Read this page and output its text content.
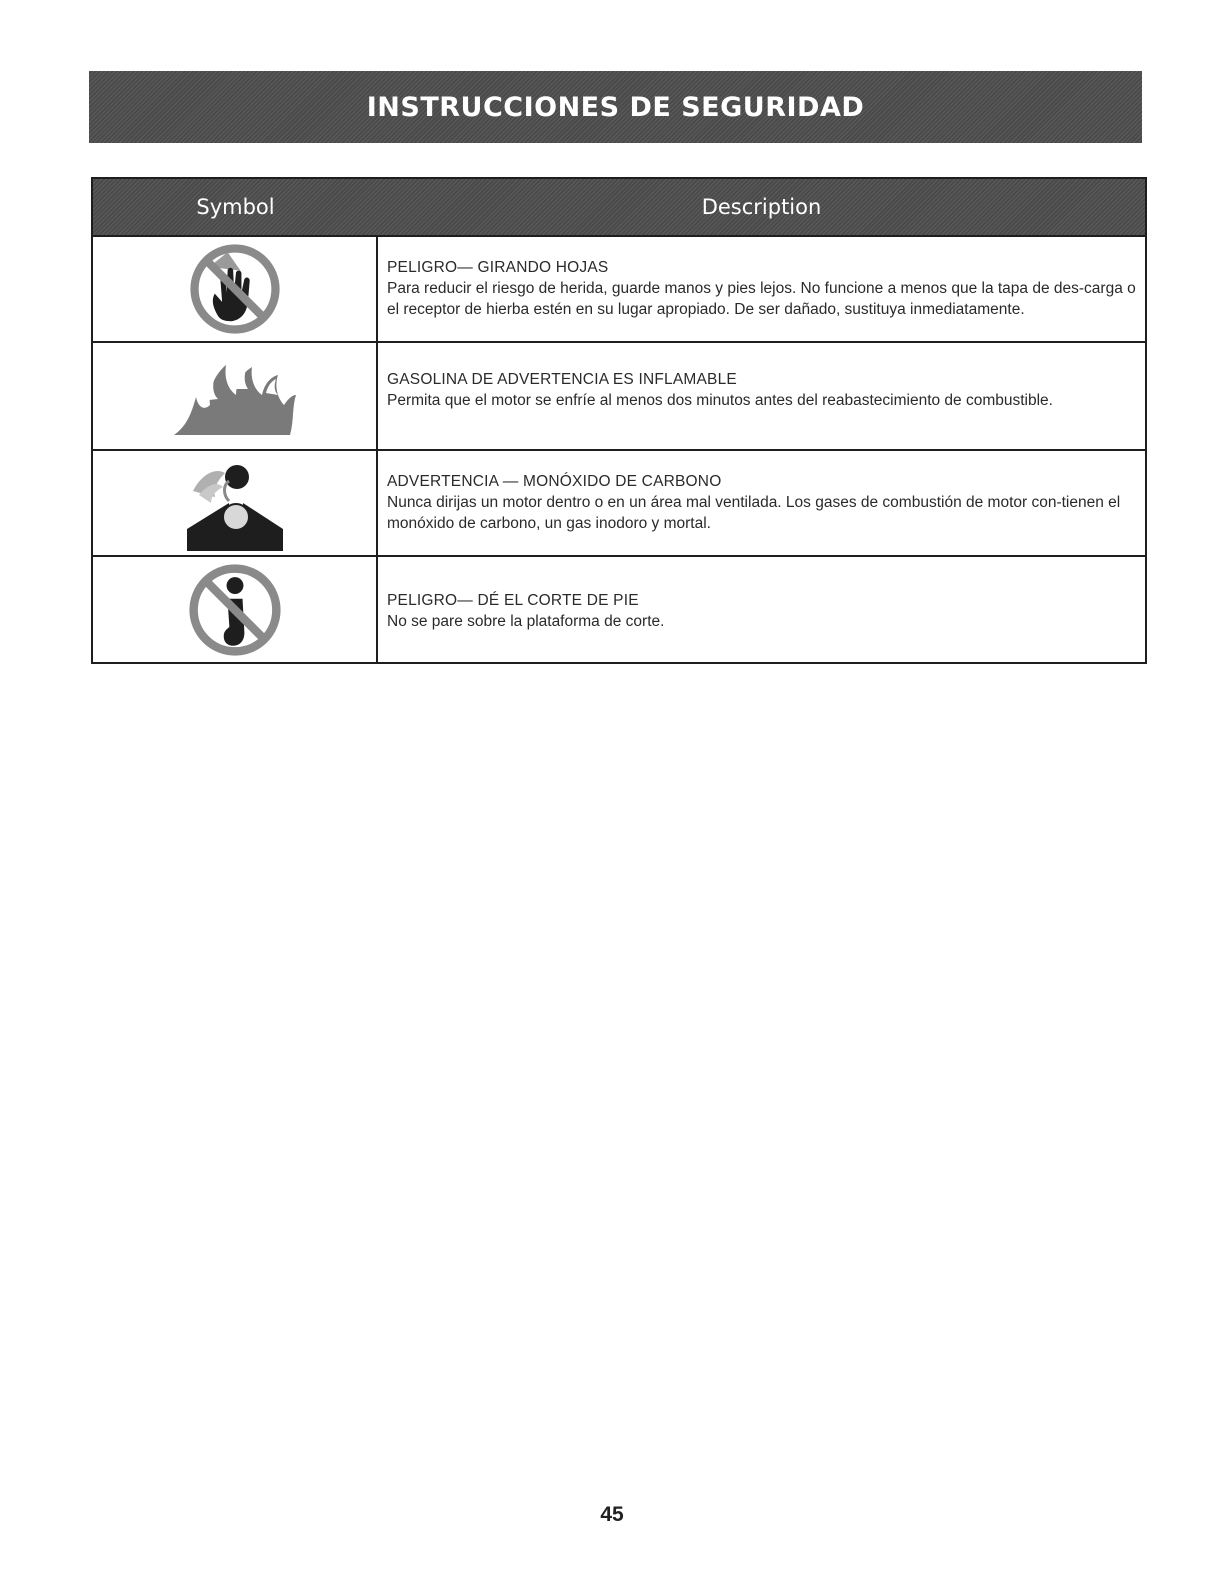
INSTRUCCIONES DE SEGURIDAD
Symbol	Description
PELIGRO— GIRANDO HOJAS
Para reducir el riesgo de herida, guarde manos y pies lejos. No funcione a menos que la tapa de des-carga o el receptor de hierba estén en su lugar apropiado. De ser dañado, sustituya inmediatamente.
GASOLINA DE ADVERTENCIA ES INFLAMABLE
Permita que el motor se enfríe al menos dos minutos antes del reabastecimiento de combustible.
ADVERTENCIA — MONÓXIDO DE CARBONO
Nunca dirijas un motor dentro o en un área mal ventilada. Los gases de combustión de motor con-tienen el monóxido de carbono, un gas inodoro y mortal.
PELIGRO— DÉ EL CORTE DE PIE
No se pare sobre la plataforma de corte.
45
